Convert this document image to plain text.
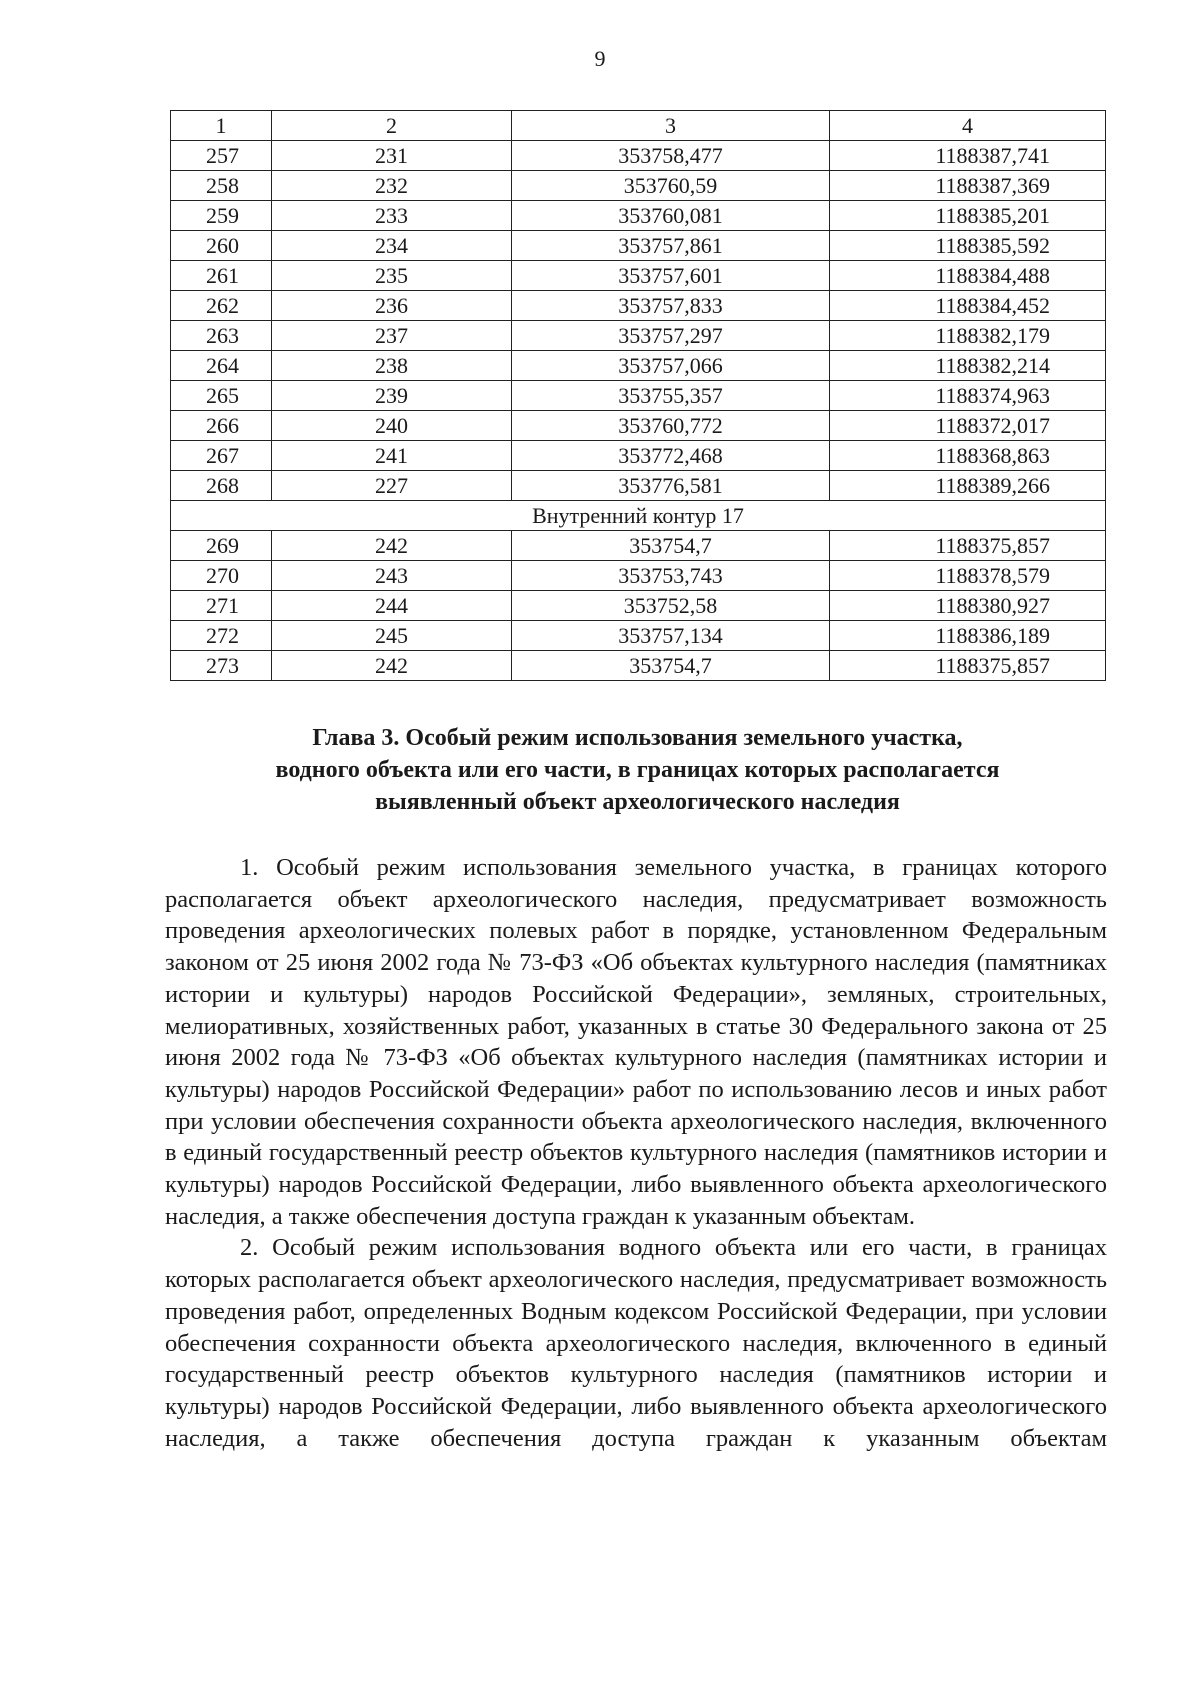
9
1	2	3	4
257	231	353758,477	1188387,741
258	232	353760,59	1188387,369
259	233	353760,081	1188385,201
260	234	353757,861	1188385,592
261	235	353757,601	1188384,488
262	236	353757,833	1188384,452
263	237	353757,297	1188382,179
264	238	353757,066	1188382,214
265	239	353755,357	1188374,963
266	240	353760,772	1188372,017
267	241	353772,468	1188368,863
268	227	353776,581	1188389,266
Внутренний контур 17			
269	242	353754,7	1188375,857
270	243	353753,743	1188378,579
271	244	353752,58	1188380,927
272	245	353757,134	1188386,189
273	242	353754,7	1188375,857
Глава 3. Особый режим использования земельного участка,
водного объекта или его части, в границах которых располагается
выявленный объект археологического наследия

1. Особый режим использования земельного участка, в границах которого располагается объект археологического наследия, предусматривает возможность проведения археологических полевых работ в порядке, установленном Федеральным законом от 25 июня 2002 года № 73-ФЗ «Об объектах культурного наследия (памятниках истории и культуры) народов Российской Федерации», земляных, строительных, мелиоративных, хозяйственных работ, указанных в статье 30 Федерального закона от 25 июня 2002 года № 73-ФЗ «Об объектах культурного наследия (памятниках истории и культуры) народов Российской Федерации» работ по использованию лесов и иных работ при условии обеспечения сохранности объекта археологического наследия, включенного в единый государственный реестр объектов культурного наследия (памятников истории и культуры) народов Российской Федерации, либо выявленного объекта археологического наследия, а также обеспечения доступа граждан к указанным объектам.

2. Особый режим использования водного объекта или его части, в границах которых располагается объект археологического наследия, предусматривает возможность проведения работ, определенных Водным кодексом Российской Федерации, при условии обеспечения сохранности объекта археологического наследия, включенного в единый государственный реестр объектов культурного наследия (памятников истории и культуры) народов Российской Федерации, либо выявленного объекта археологического наследия, а также обеспечения доступа граждан к указанным объектам
